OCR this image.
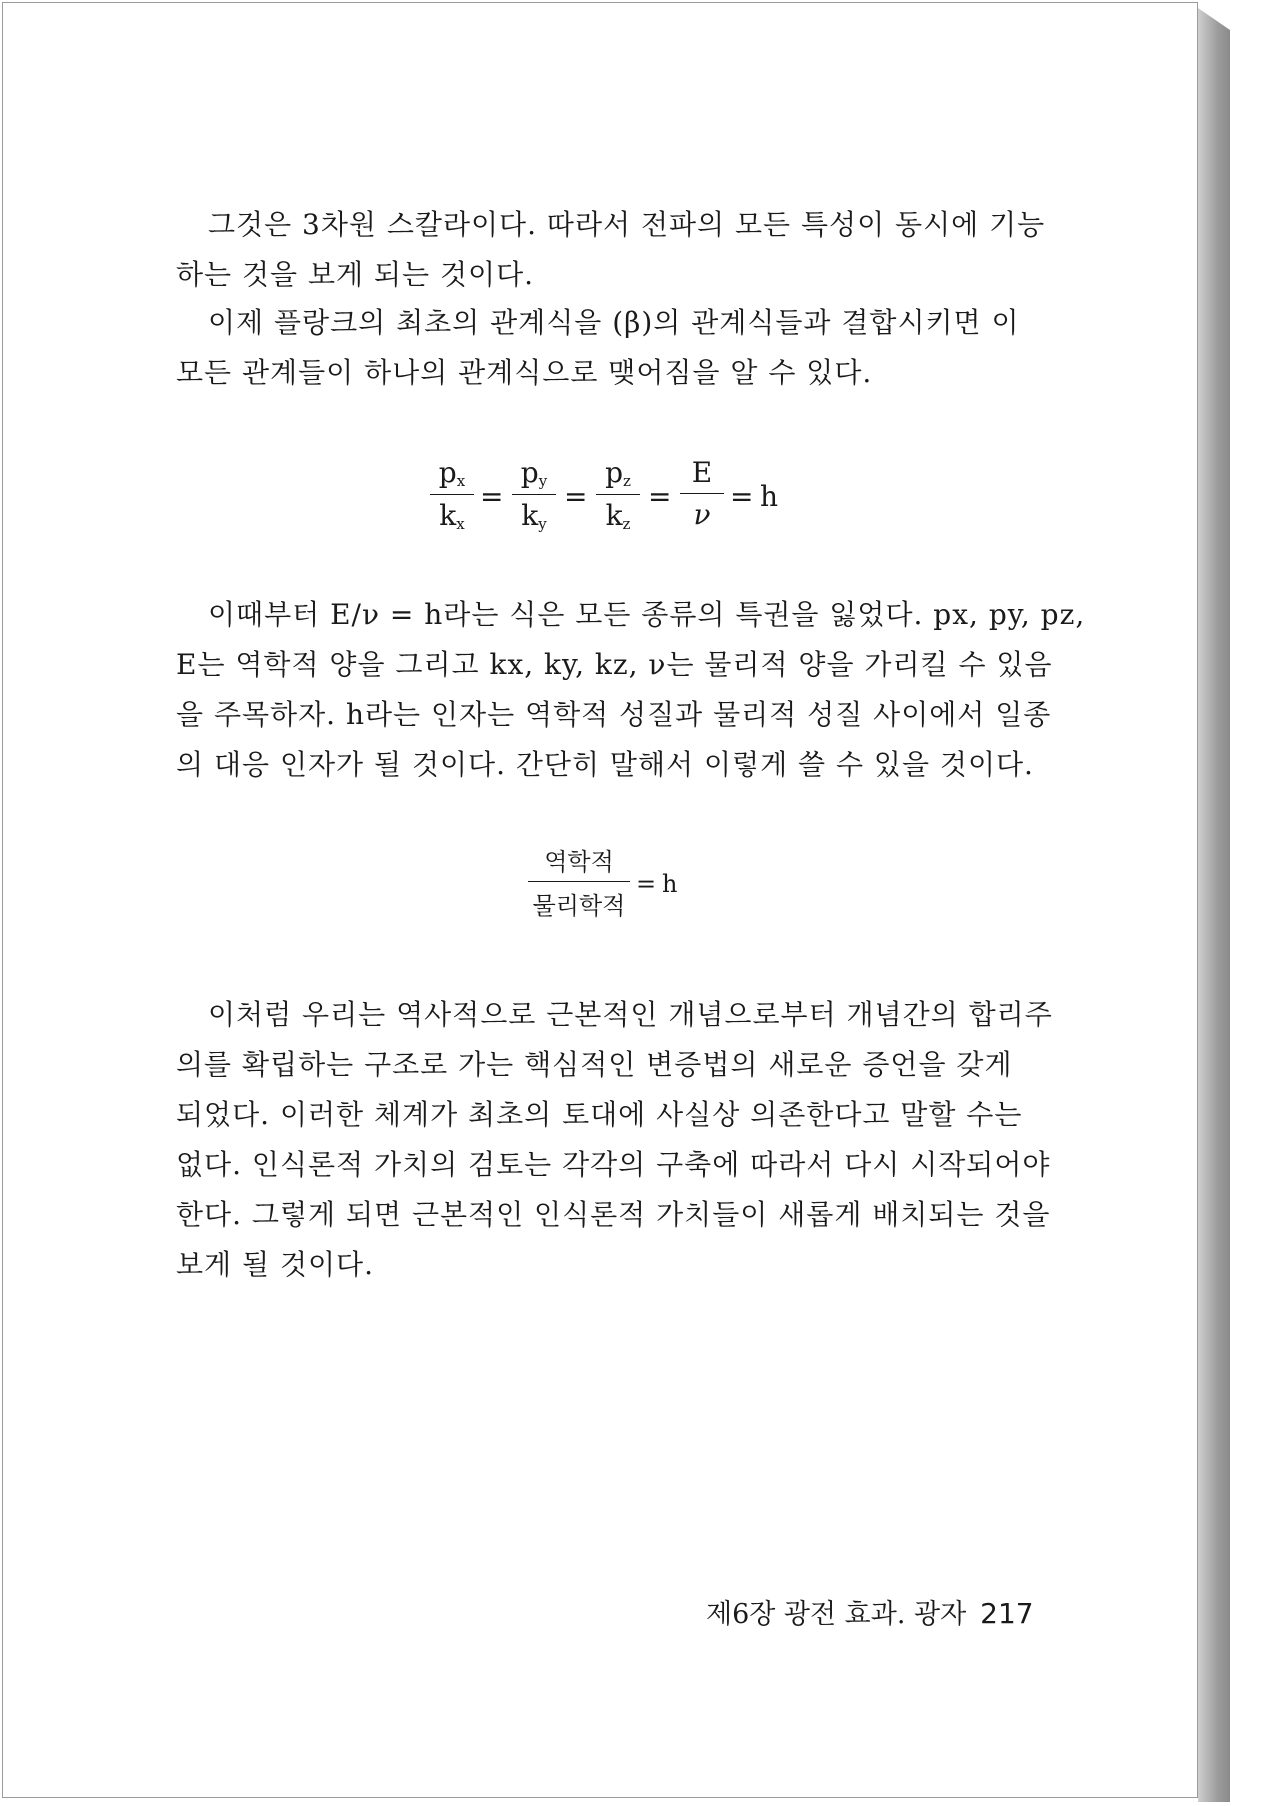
그것은 3차원 스칼라이다. 따라서 전파의 모든 특성이 동시에 기능
하는 것을 보게 되는 것이다.

이제 플랑크의 최초의 관계식을 (β)의 관계식들과 결합시키면 이
모든 관계들이 하나의 관계식으로 맺어짐을 알 수 있다.

$p_x$
$k_x$
=
$p_y$
$k_y$
=
$p_z$
$k_z$
=
E
ν
= h

이때부터 E/ν = h라는 식은 모든 종류의 특권을 잃었다. px, py, pz,
E는 역학적 양을 그리고 kx, ky, kz, ν는 물리적 양을 가리킬 수 있음
을 주목하자. h라는 인자는 역학적 성질과 물리적 성질 사이에서 일종
의 대응 인자가 될 것이다. 간단히 말해서 이렇게 쓸 수 있을 것이다.

역학적
물리학적
= h

이처럼 우리는 역사적으로 근본적인 개념으로부터 개념간의 합리주
의를 확립하는 구조로 가는 핵심적인 변증법의 새로운 증언을 갖게
되었다. 이러한 체계가 최초의 토대에 사실상 의존한다고 말할 수는
없다. 인식론적 가치의 검토는 각각의 구축에 따라서 다시 시작되어야
한다. 그렇게 되면 근본적인 인식론적 가치들이 새롭게 배치되는 것을
보게 될 것이다.

제6장 광전 효과. 광자 217
